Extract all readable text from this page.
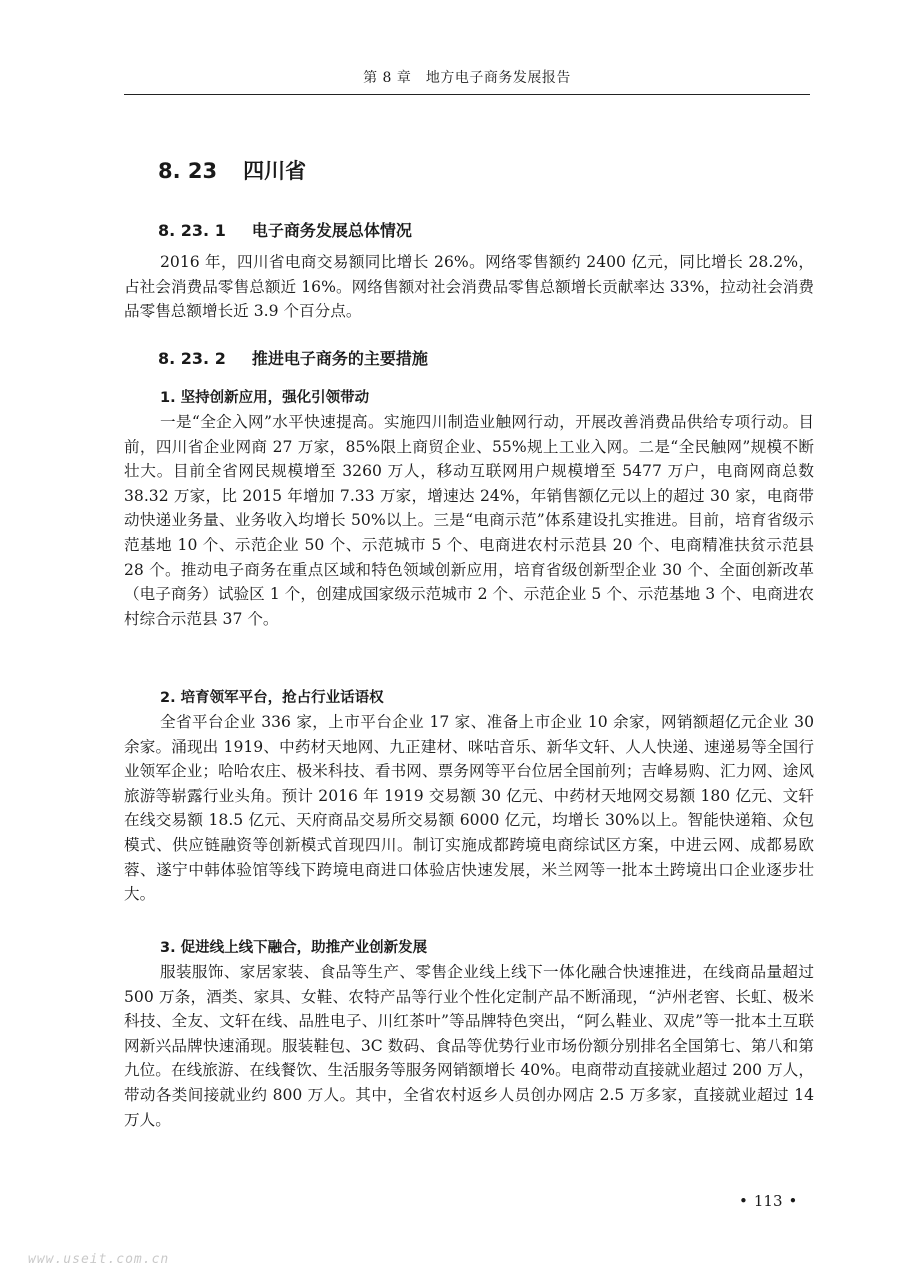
第 8 章　地方电子商务发展报告
8. 23 四川省
8. 23. 1 电子商务发展总体情况

2016 年，四川省电商交易额同比增长 26%。网络零售额约 2400 亿元，同比增长 28.2%，占社会消费品零售总额近 16%。网络售额对社会消费品零售总额增长贡献率达 33%，拉动社会消费品零售总额增长近 3.9 个百分点。

8. 23. 2 推进电子商务的主要措施
1. 坚持创新应用，强化引领带动

一是“全企入网”水平快速提高。实施四川制造业触网行动，开展改善消费品供给专项行动。目前，四川省企业网商 27 万家，85%限上商贸企业、55%规上工业入网。二是“全民触网”规模不断壮大。目前全省网民规模增至 3260 万人，移动互联网用户规模增至 5477 万户，电商网商总数 38.32 万家，比 2015 年增加 7.33 万家，增速达 24%，年销售额亿元以上的超过 30 家，电商带动快递业务量、业务收入均增长 50%以上。三是“电商示范”体系建设扎实推进。目前，培育省级示范基地 10 个、示范企业 50 个、示范城市 5 个、电商进农村示范县 20 个、电商精准扶贫示范县 28 个。推动电子商务在重点区域和特色领域创新应用，培育省级创新型企业 30 个、全面创新改革（电子商务）试验区 1 个，创建成国家级示范城市 2 个、示范企业 5 个、示范基地 3 个、电商进农村综合示范县 37 个。

2. 培育领军平台，抢占行业话语权

全省平台企业 336 家，上市平台企业 17 家、准备上市企业 10 余家，网销额超亿元企业 30 余家。涌现出 1919、中药材天地网、九正建材、咪咕音乐、新华文轩、人人快递、速递易等全国行业领军企业；哈哈农庄、极米科技、看书网、票务网等平台位居全国前列；吉峰易购、汇力网、途风旅游等崭露行业头角。预计 2016 年 1919 交易额 30 亿元、中药材天地网交易额 180 亿元、文轩在线交易额 18.5 亿元、天府商品交易所交易额 6000 亿元，均增长 30%以上。智能快递箱、众包模式、供应链融资等创新模式首现四川。制订实施成都跨境电商综试区方案，中进云网、成都易欧蓉、遂宁中韩体验馆等线下跨境电商进口体验店快速发展，米兰网等一批本土跨境出口企业逐步壮大。

3. 促进线上线下融合，助推产业创新发展

服装服饰、家居家装、食品等生产、零售企业线上线下一体化融合快速推进，在线商品量超过 500 万条，酒类、家具、女鞋、农特产品等行业个性化定制产品不断涌现，“泸州老窖、长虹、极米科技、全友、文轩在线、品胜电子、川红茶叶”等品牌特色突出，“阿么鞋业、双虎”等一批本土互联网新兴品牌快速涌现。服装鞋包、3C 数码、食品等优势行业市场份额分别排名全国第七、第八和第九位。在线旅游、在线餐饮、生活服务等服务网销额增长 40%。电商带动直接就业超过 200 万人，带动各类间接就业约 800 万人。其中，全省农村返乡人员创办网店 2.5 万多家，直接就业超过 14 万人。

• 113 •
www.useit.com.cn
